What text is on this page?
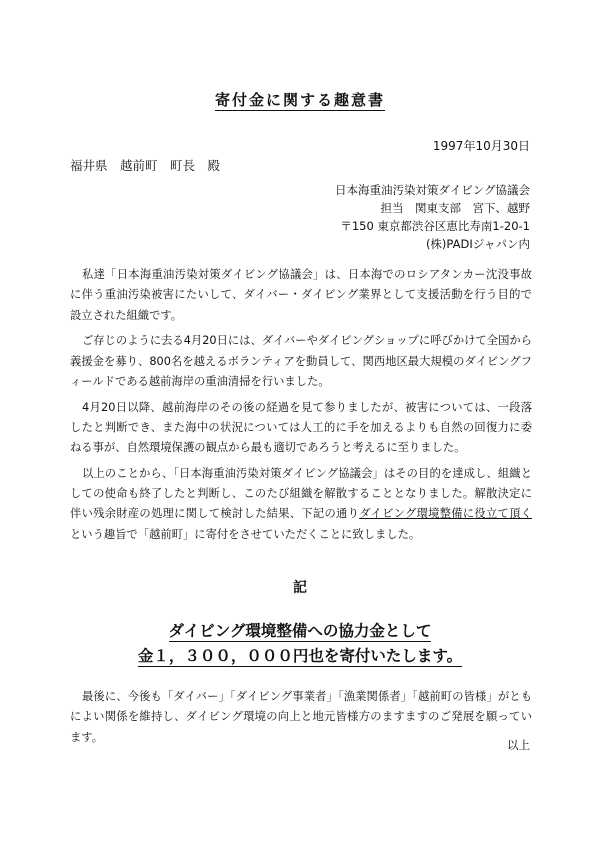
寄付金に関する趣意書
1997年10月30日
福井県　越前町　町長　殿
日本海重油汚染対策ダイビング協議会
担当　関東支部　宮下、越野
〒150 東京都渋谷区恵比寿南1-20-1
(株)PADIジャパン内

私達「日本海重油汚染対策ダイビング協議会」は、日本海でのロシアタンカー沈没事故に伴う重油汚染被害にたいして、ダイバー・ダイビング業界として支援活動を行う目的で設立された組織です。

ご存じのように去る4月20日には、ダイバーやダイビングショップに呼びかけて全国から義援金を募り、800名を越えるボランティアを動員して、関西地区最大規模のダイビングフィールドである越前海岸の重油清掃を行いました。

4月20日以降、越前海岸のその後の経過を見て参りましたが、被害については、一段落したと判断でき、また海中の状況については人工的に手を加えるよりも自然の回復力に委ねる事が、自然環境保護の観点から最も適切であろうと考えるに至りました。

以上のことから、「日本海重油汚染対策ダイビング協議会」はその目的を達成し、組織としての使命も終了したと判断し、このたび組織を解散することとなりました。解散決定に伴い残余財産の処理に関して検討した結果、下記の通りダイビング環境整備に役立て頂くという趣旨で「越前町」に寄付をさせていただくことに致しました。

記
ダイビング環境整備への協力金として
金１，３００，０００円也を寄付いたします。

最後に、今後も「ダイバー」「ダイビング事業者」「漁業関係者」「越前町の皆様」がともによい関係を維持し、ダイビング環境の向上と地元皆様方のますますのご発展を願っています。

以上
